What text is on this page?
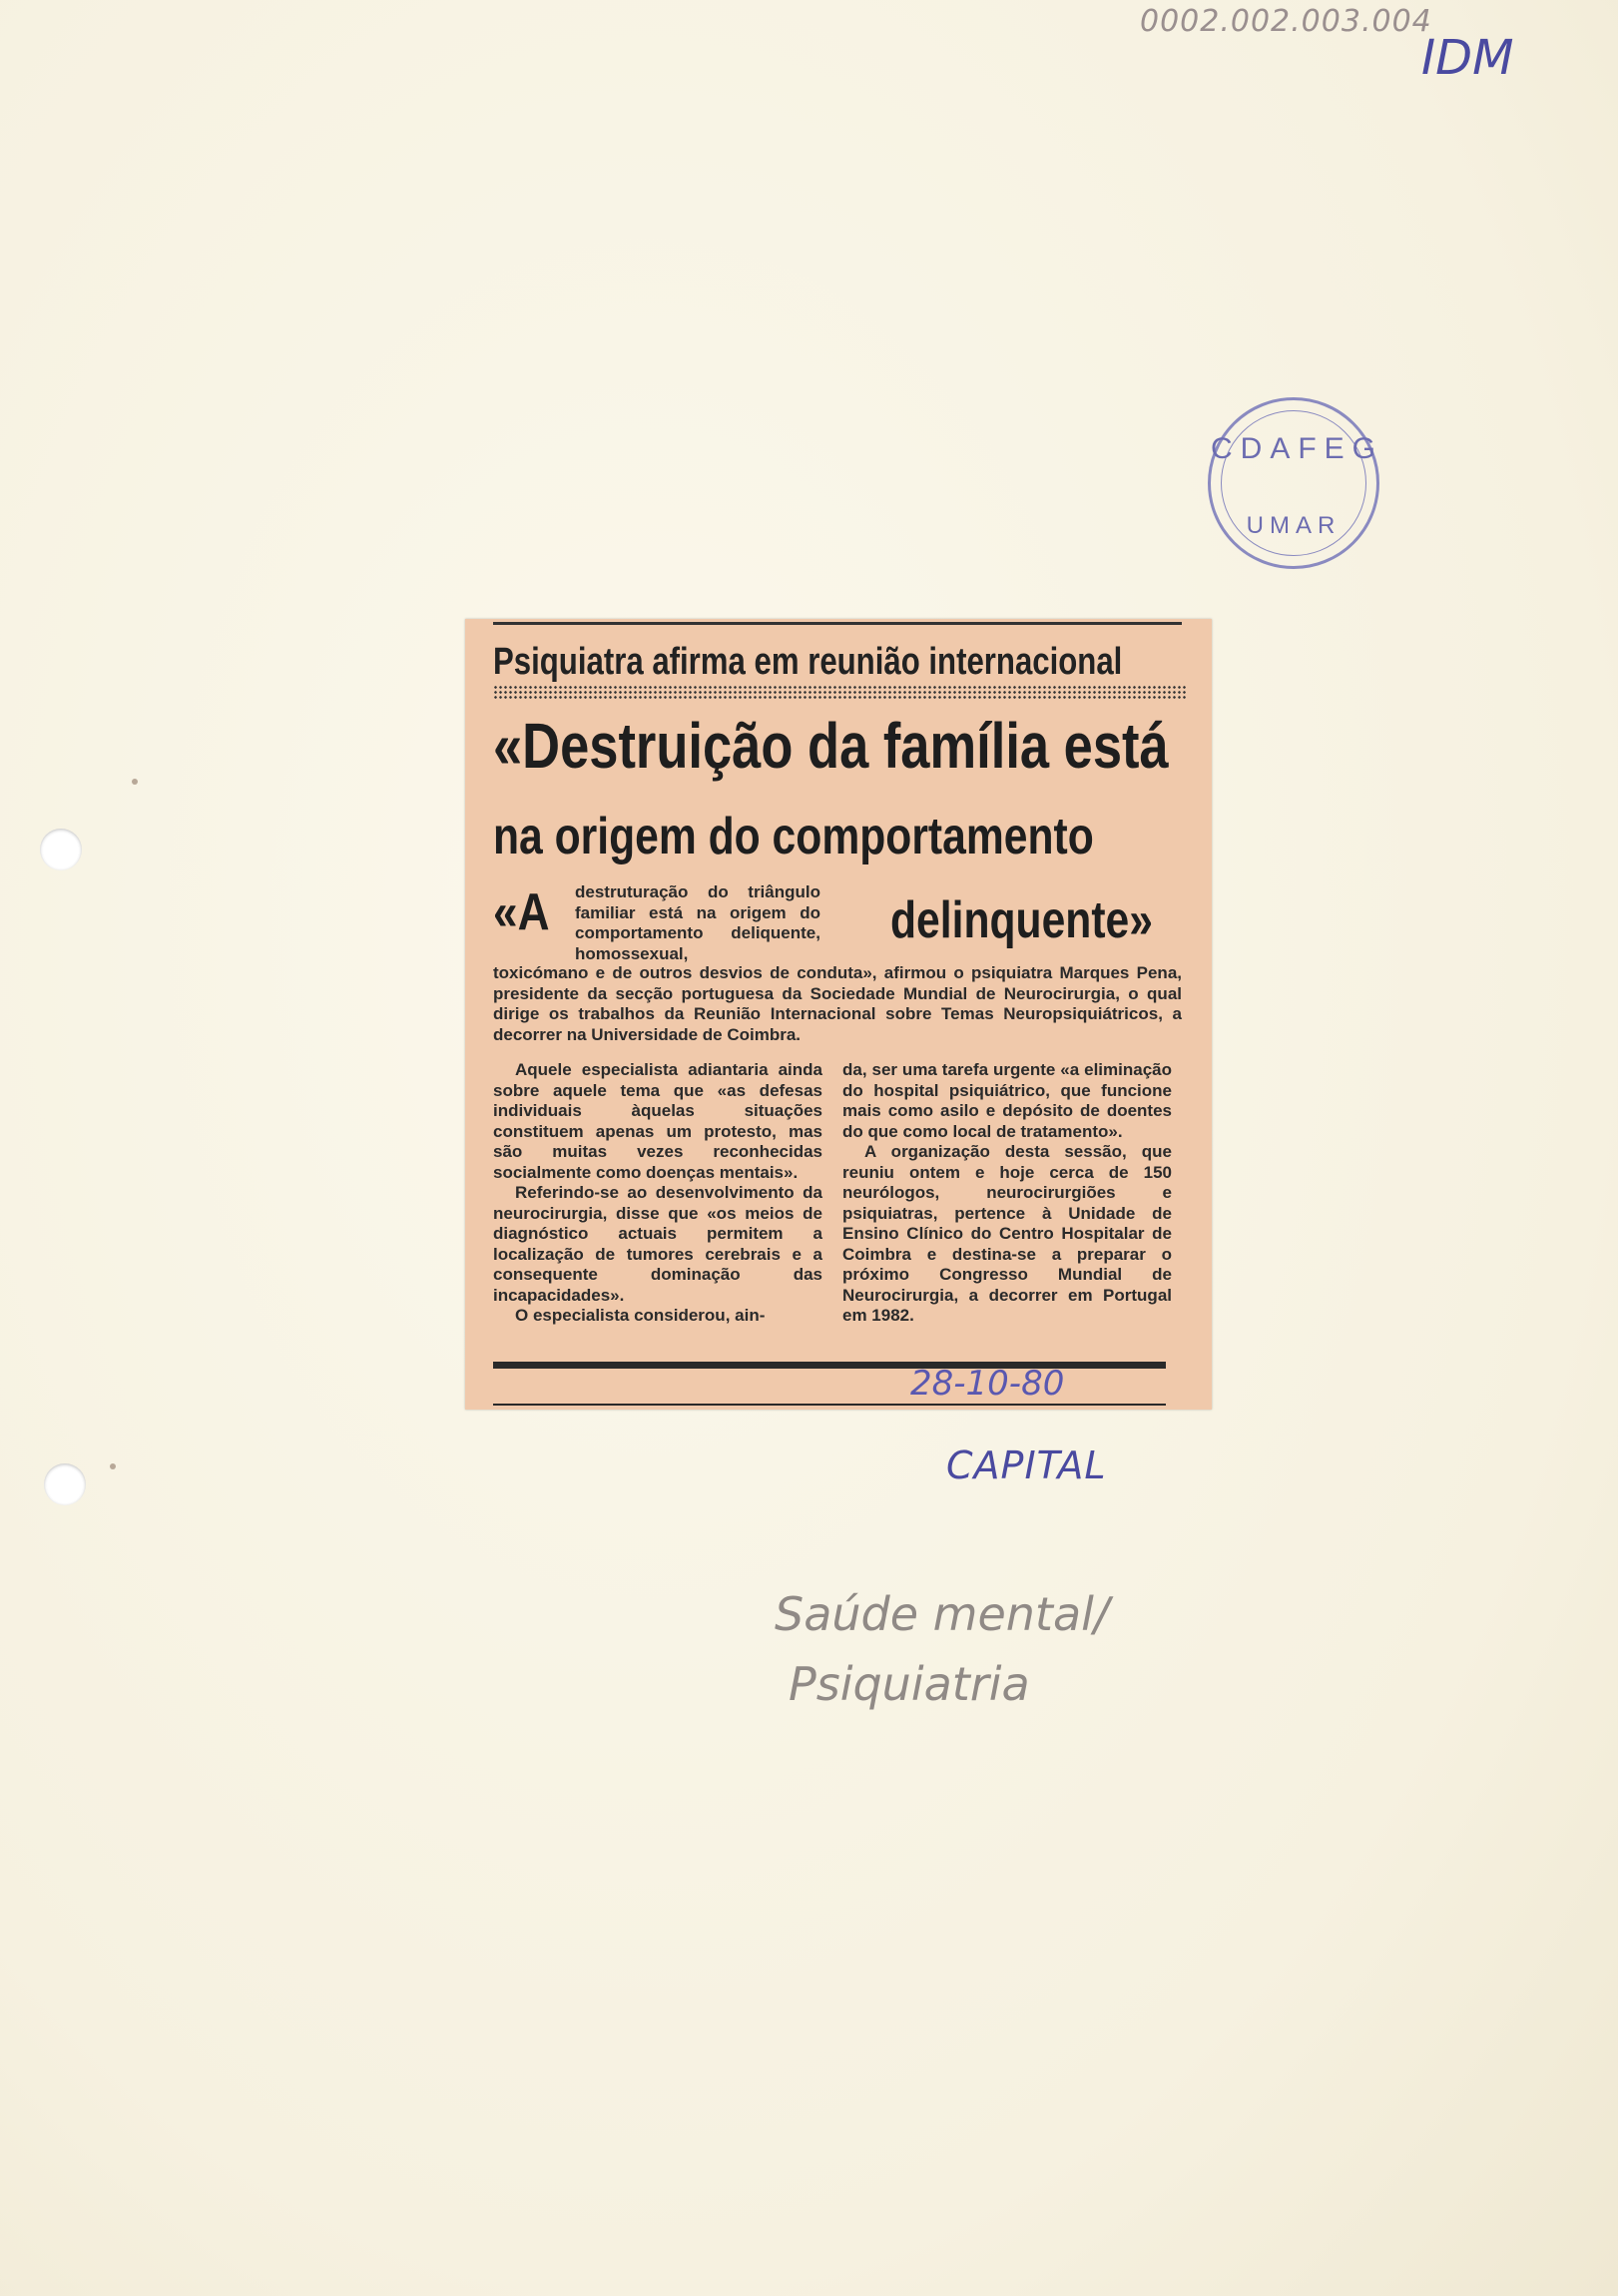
0002.002.003.004
IDM
CDAFEG
UMAR
Psiquiatra afirma em reunião internacional
«Destruição da família está
na origem do comportamento
delinquente»
«A destruturação do triângulo familiar está na origem do comportamento deliquente, homossexual,
toxicómano e de outros desvios de conduta», afirmou o psiquiatra Marques Pena, presidente da secção portuguesa da Sociedade Mundial de Neurocirurgia, o qual dirige os trabalhos da Reunião Internacional sobre Temas Neuropsiquiátricos, a decorrer na Universidade de Coimbra.

Aquele especialista adiantaria ainda sobre aquele tema que «as defesas individuais àquelas situações constituem apenas um protesto, mas são muitas vezes reconhecidas socialmente como doenças mentais».

Referindo-se ao desenvolvimento da neurocirurgia, disse que «os meios de diagnóstico actuais permitem a localização de tumores cerebrais e a consequente dominação das incapacidades».

O especialista considerou, ain-

da, ser uma tarefa urgente «a eliminação do hospital psiquiátrico, que funcione mais como asilo e depósito de doentes do que como local de tratamento».

A organização desta sessão, que reuniu ontem e hoje cerca de 150 neurólogos, neurocirurgiões e psiquiatras, pertence à Unidade de Ensino Clínico do Centro Hospitalar de Coimbra e destina-se a preparar o próximo Congresso Mundial de Neurocirurgia, a decorrer em Portugal em 1982.

28-10-80
CAPITAL
Saúde mental/
Psiquiatria
